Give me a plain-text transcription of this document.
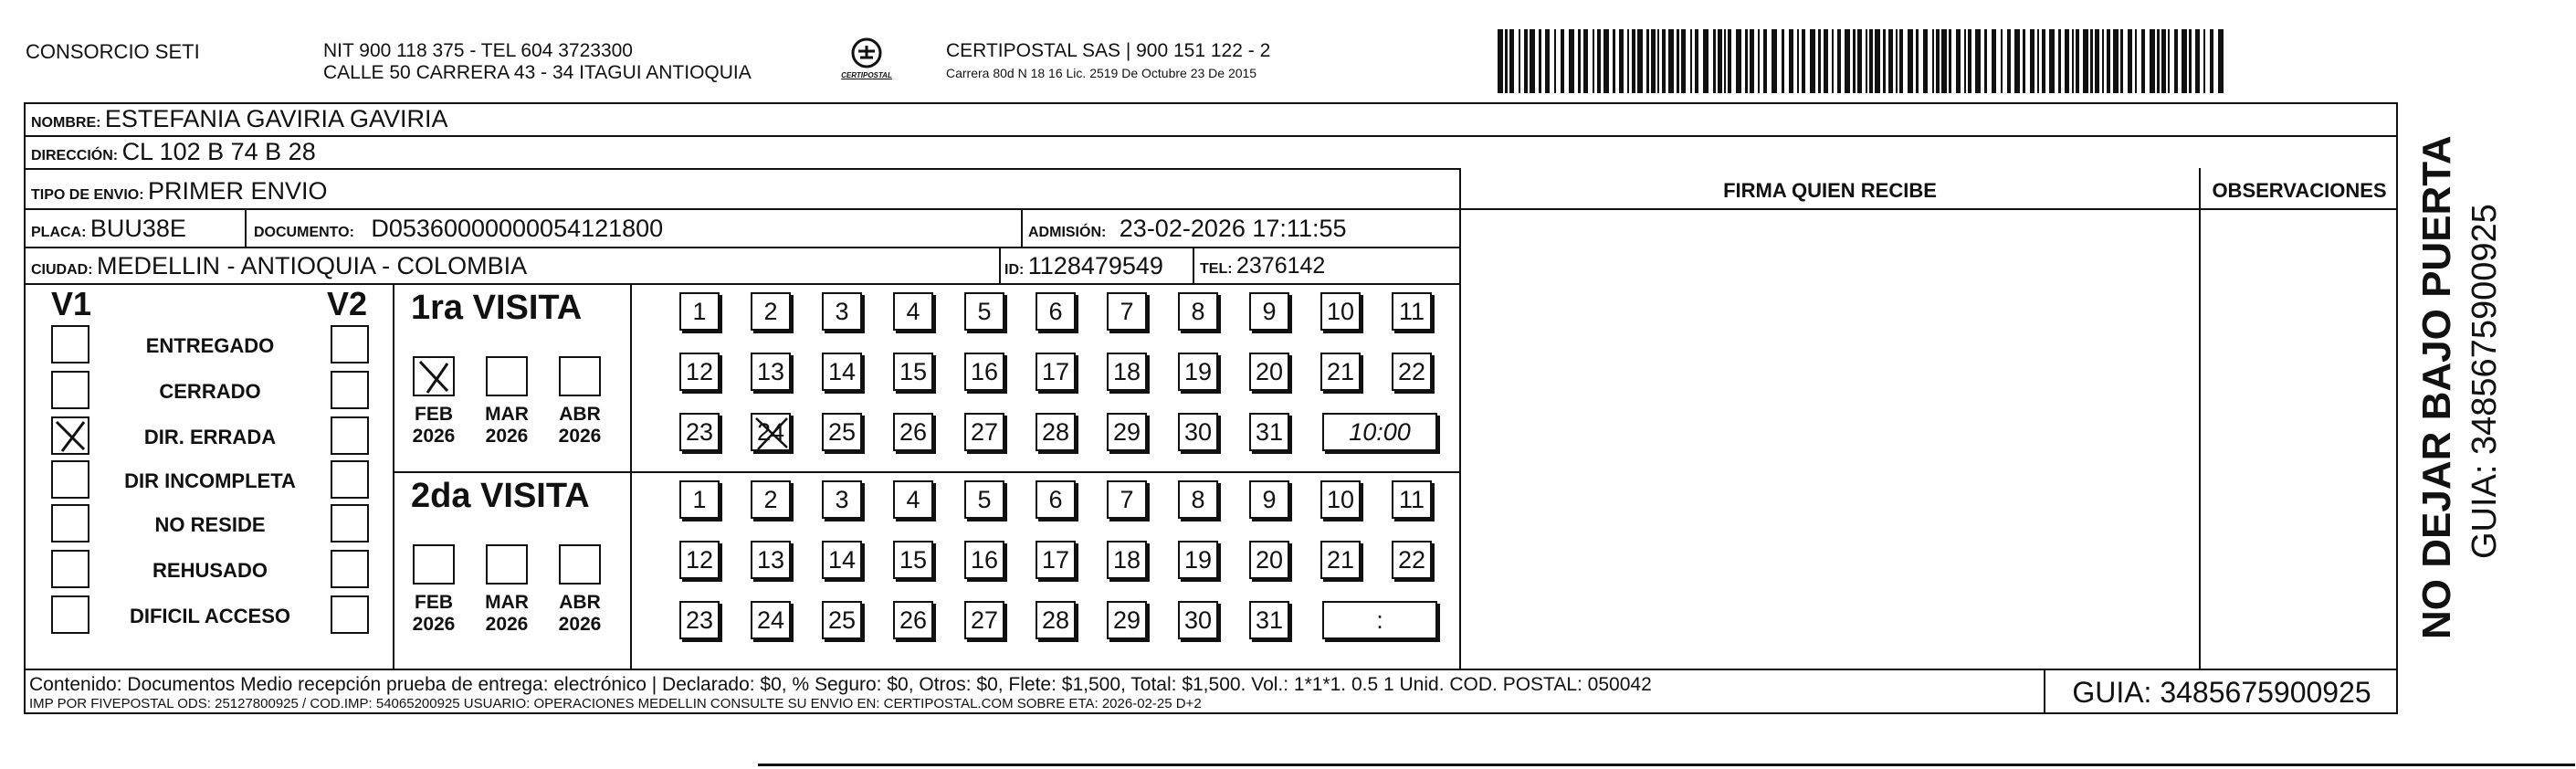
CONSORCIO SETI	NIT 900 118 375 - TEL 604 3723300
CALLE 50 CARRERA 43 - 34 ITAGUI ANTIOQUIA	CERTIPOSTAL
CERTIPOSTAL SAS | 900 151 122 - 2
Carrera 80d N 18 16 Lic. 2519 De Octubre 23 De 2015
NOMBRE: ESTEFANIA GAVIRIA GAVIRIA
DIRECCIÓN: CL 102 B 74 B 28
TIPO DE ENVIO: PRIMER ENVIO	FIRMA QUIEN RECIBE	OBSERVACIONES
PLACA: BUU38E	DOCUMENTO: D05360000000054121800	ADMISIÓN: 23-02-2026 17:11:55
CIUDAD: MEDELLIN - ANTIOQUIA - COLOMBIA	ID: 1128479549	TEL: 2376142
V1	V2
ENTREGADO
CERRADO
DIR. ERRADA
DIR INCOMPLETA
NO RESIDE
REHUSADO
DIFICIL ACCESO
1ra VISITA
FEB
2026
MAR
2026
ABR
2026
1	2	3	4	5	6	7	8	9	10 11
12 13 14 15 16 17 18 19 20 21 22
23 24 25 26 27 28 29 30 31	10:00
2da VISITA
FEB
2026
MAR
2026
ABR
2026
1	2	3	4	5	6	7	8	9	10 11
12 13 14 15 16 17 18 19 20 21 22
23 24 25 26 27 28 29 30 31	:
Contenido: Documentos Medio recepción prueba de entrega: electrónico | Declarado: $0, % Seguro: $0, Otros: $0, Flete: $1,500, Total: $1,500. Vol.: 1*1*1. 0.5 1 Unid. COD. POSTAL: 050042
IMP POR FIVEPOSTAL ODS: 25127800925 / COD.IMP: 54065200925 USUARIO: OPERACIONES MEDELLIN CONSULTE SU ENVIO EN: CERTIPOSTAL.COM SOBRE ETA: 2026-02-25 D+2	GUIA: 3485675900925
NO DEJAR BAJO PUERTA GUIA: 3485675900925
